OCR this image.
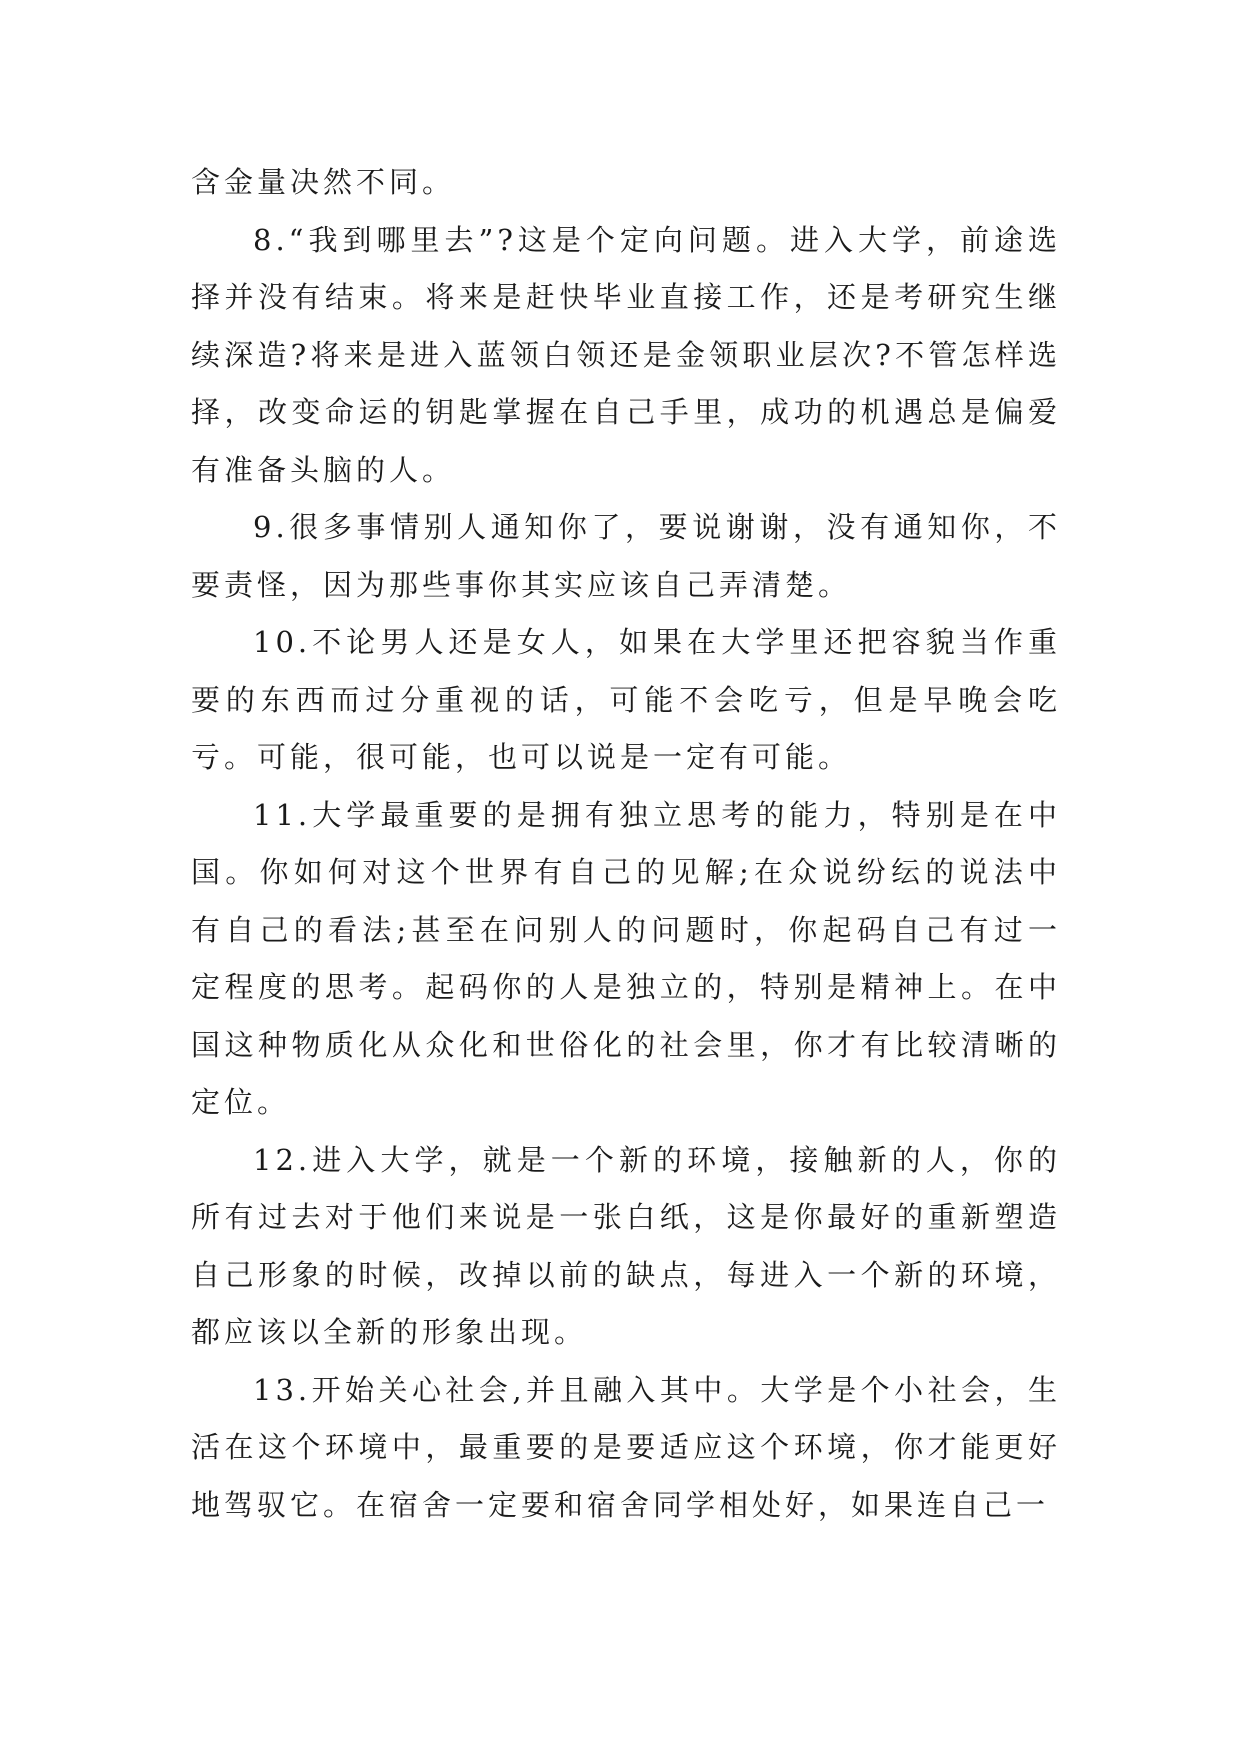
含金量决然不同。

8.“我到哪里去”?这是个定向问题。进入大学，前途选择并没有结束。将来是赶快毕业直接工作，还是考研究生继续深造?将来是进入蓝领白领还是金领职业层次?不管怎样选择，改变命运的钥匙掌握在自己手里，成功的机遇总是偏爱有准备头脑的人。

9.很多事情别人通知你了，要说谢谢，没有通知你，不要责怪，因为那些事你其实应该自己弄清楚。

10.不论男人还是女人，如果在大学里还把容貌当作重要的东西而过分重视的话，可能不会吃亏，但是早晚会吃亏。可能，很可能，也可以说是一定有可能。

11.大学最重要的是拥有独立思考的能力，特别是在中国。你如何对这个世界有自己的见解;在众说纷纭的说法中有自己的看法;甚至在问别人的问题时，你起码自己有过一定程度的思考。起码你的人是独立的，特别是精神上。在中国这种物质化从众化和世俗化的社会里，你才有比较清晰的定位。

12.进入大学，就是一个新的环境，接触新的人，你的所有过去对于他们来说是一张白纸，这是你最好的重新塑造自己形象的时候，改掉以前的缺点，每进入一个新的环境，都应该以全新的形象出现。

13.开始关心社会,并且融入其中。大学是个小社会，生活在这个环境中，最重要的是要适应这个环境，你才能更好地驾驭它。在宿舍一定要和宿舍同学相处好，如果连自己一
